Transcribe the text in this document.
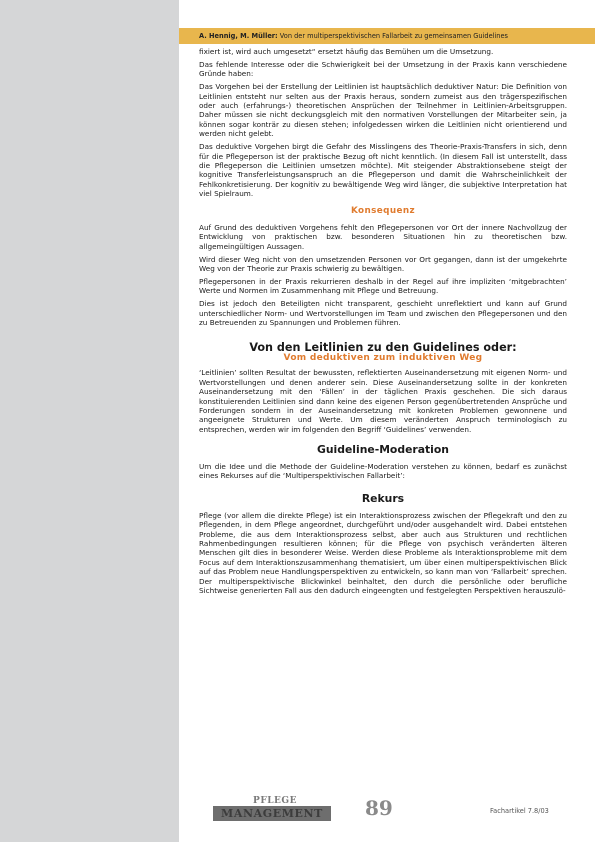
A. Hennig, M. Müller: Von der multiperspektivischen Fallarbeit zu gemeinsamen Guidelines

fixiert ist, wird auch umgesetzt“ ersetzt häufig das Bemühen um die Umsetzung.

Das fehlende Interesse oder die Schwierigkeit bei der Umsetzung in der Praxis kann verschiedene Gründe haben:

Das Vorgehen bei der Erstellung der Leitlinien ist hauptsächlich deduktiver Natur: Die Definition von Leitlinien entsteht nur selten aus der Praxis heraus, sondern zumeist aus den trägerspezifischen oder auch (erfahrungs-) theoretischen Ansprüchen der Teilnehmer in Leitlinien-Arbeitsgruppen. Daher müssen sie nicht deckungsgleich mit den normativen Vorstellungen der Mitarbeiter sein, ja können sogar konträr zu diesen stehen; infolgedessen wirken die Leitlinien nicht orientierend und werden nicht gelebt.

Das deduktive Vorgehen birgt die Gefahr des Misslingens des Theorie-Praxis-Transfers in sich, denn für die Pflegeperson ist der praktische Bezug oft nicht kenntlich. (In diesem Fall ist unterstellt, dass die Pflegeperson die Leitlinien umsetzen möchte). Mit steigender Abstraktionsebene steigt der kognitive Transferleistungsanspruch an die Pflegeperson und damit die Wahrscheinlichkeit der Fehlkonkretisierung. Der kognitiv zu bewältigende Weg wird länger, die subjektive Interpretation hat viel Spielraum.

Konsequenz

Auf Grund des deduktiven Vorgehens fehlt den Pflegepersonen vor Ort der innere Nachvollzug der Entwicklung von praktischen bzw. besonderen Situationen hin zu theoretischen bzw. allgemeingültigen Aussagen.

Wird dieser Weg nicht von den umsetzenden Personen vor Ort gegangen, dann ist der umgekehrte Weg von der Theorie zur Praxis schwierig zu bewältigen.

Pflegepersonen in der Praxis rekurrieren deshalb in der Regel auf ihre impliziten ‘mitgebrachten’ Werte und Normen im Zusammenhang mit Pflege und Betreuung.

Dies ist jedoch den Beteiligten nicht transparent, geschieht unreflektiert und kann auf Grund unterschiedlicher Norm- und Wertvorstellungen im Team und zwischen den Pflegepersonen und den zu Betreuenden zu Spannungen und Problemen führen.

Von den Leitlinien zu den Guidelines oder:
Vom deduktiven zum induktiven Weg

‘Leitlinien’ sollten Resultat der bewussten, reflektierten Auseinandersetzung mit eigenen Norm- und Wertvorstellungen und denen anderer sein. Diese Auseinandersetzung sollte in der konkreten Auseinandersetzung mit den ‘Fällen’ in der täglichen Praxis geschehen. Die sich daraus konstituierenden Leitlinien sind dann keine des eigenen Person gegenübertretenden Ansprüche und Forderungen sondern in der Auseinandersetzung mit konkreten Problemen gewonnene und angeeignete Strukturen und Werte. Um diesem veränderten Anspruch terminologisch zu entsprechen, werden wir im folgenden den Begriff ‘Guidelines’ verwenden.

Guideline-Moderation

Um die Idee und die Methode der Guideline-Moderation verstehen zu können, bedarf es zunächst eines Rekurses auf die ‘Multiperspektivischen Fallarbeit’:

Rekurs

Pflege (vor allem die direkte Pflege) ist ein Interaktionsprozess zwischen der Pflegekraft und den zu Pflegenden, in dem Pflege angeordnet, durchgeführt und/oder ausgehandelt wird. Dabei entstehen Probleme, die aus dem Interaktionsprozess selbst, aber auch aus Strukturen und rechtlichen Rahmenbedingungen resultieren können; für die Pflege von psychisch veränderten älteren Menschen gilt dies in besonderer Weise. Werden diese Probleme als Interaktionsprobleme mit dem Focus auf dem Interaktionszusammenhang thematisiert, um über einen multiperspektivischen Blick auf das Problem neue Handlungsperspektiven zu entwickeln, so kann man von ‘Fallarbeit’ sprechen. Der multiperspektivische Blickwinkel beinhaltet, den durch die persönliche oder berufliche Sichtweise generierten Fall aus den dadurch eingeengten und festgelegten Perspektiven herauszulö-

PFLEGE
MANAGEMENT	89	Fachartikel 7.8/03
